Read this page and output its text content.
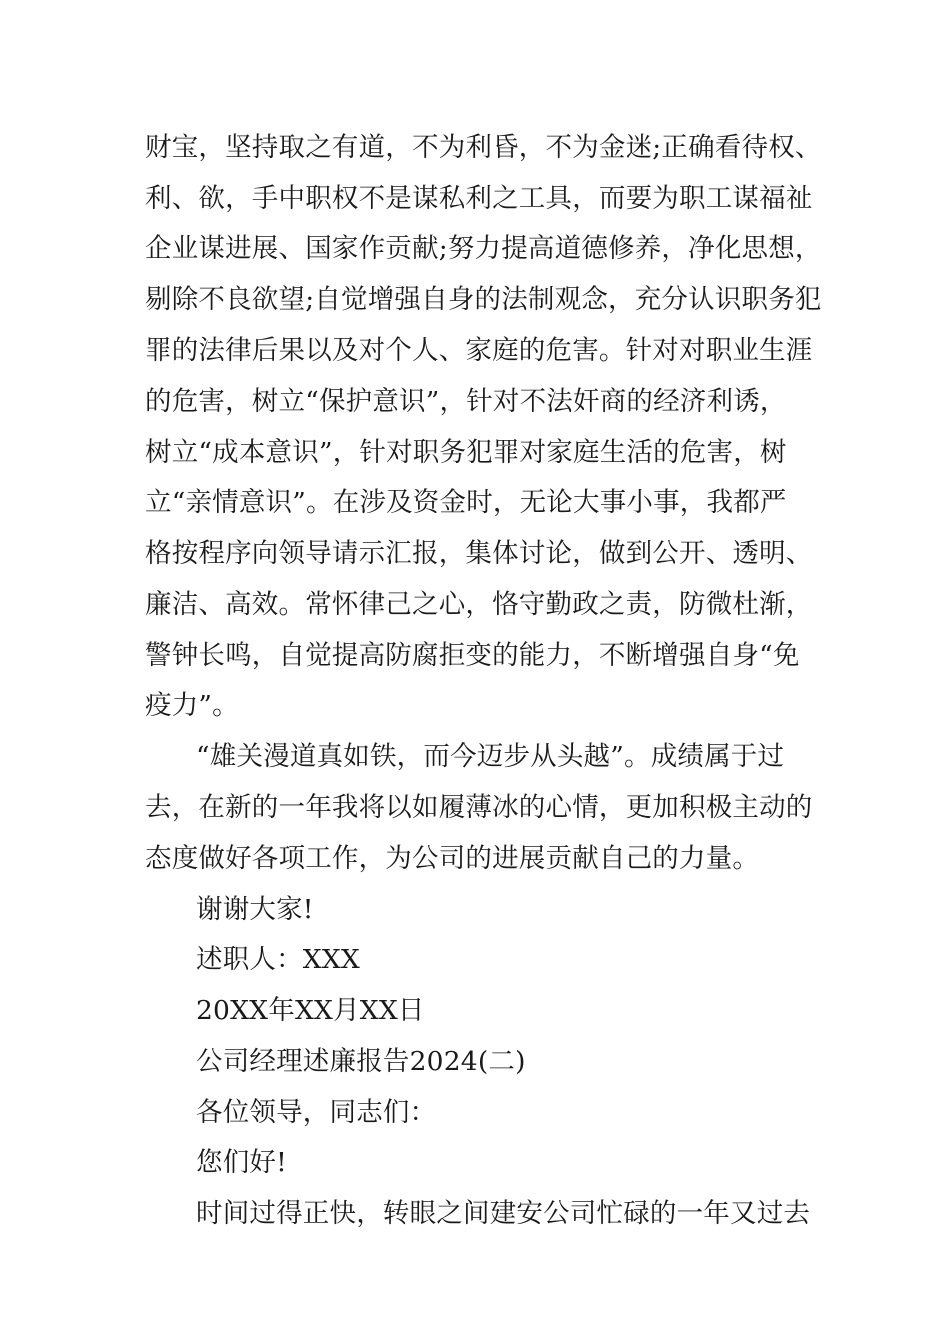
财宝，坚持取之有道，不为利昏，不为金迷;正确看待权、
利、欲，手中职权不是谋私利之工具，而要为职工谋福祉
企业谋进展、国家作贡献;努力提高道德修养，净化思想，
剔除不良欲望;自觉增强自身的法制观念，充分认识职务犯
罪的法律后果以及对个人、家庭的危害。针对对职业生涯
的危害，树立“保护意识”，针对不法奸商的经济利诱，
树立“成本意识”，针对职务犯罪对家庭生活的危害，树
立“亲情意识”。在涉及资金时，无论大事小事，我都严
格按程序向领导请示汇报，集体讨论，做到公开、透明、
廉洁、高效。常怀律己之心，恪守勤政之责，防微杜渐，
警钟长鸣，自觉提高防腐拒变的能力，不断增强自身“免
疫力”。
“雄关漫道真如铁，而今迈步从头越”。成绩属于过
去，在新的一年我将以如履薄冰的心情，更加积极主动的
态度做好各项工作，为公司的进展贡献自己的力量。
谢谢大家!
述职人：XXX
20XX年XX月XX日
公司经理述廉报告2024(二)
各位领导，同志们：
您们好!
时间过得正快，转眼之间建安公司忙碌的一年又过去
